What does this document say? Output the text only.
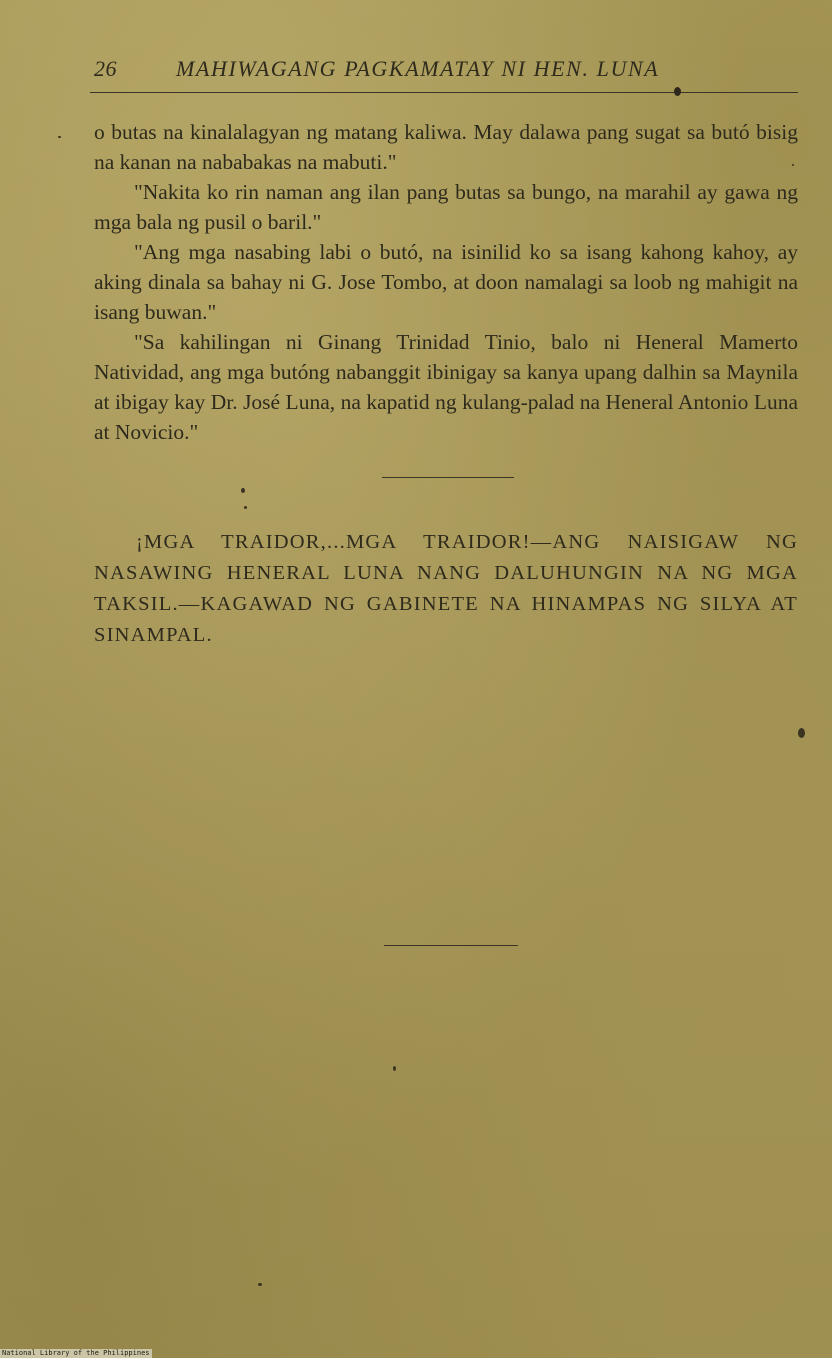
26	MAHIWAGANG PAGKAMATAY NI HEN. LUNA

o butas na kinalalagyan ng matang kaliwa. May dalawa pang sugat sa butó bisig na kanan na nababakas na mabuti."

"Nakita ko rin naman ang ilan pang butas sa bungo, na marahil ay gawa ng mga bala ng pusil o baril."

"Ang mga nasabing labi o butó, na isinilid ko sa isang kahong kahoy, ay aking dinala sa bahay ni G. Jose Tombo, at doon namalagi sa loob ng mahigit na isang buwan."

"Sa kahilingan ni Ginang Trinidad Tinio, balo ni Heneral Mamerto Natividad, ang mga butóng nabanggit ibinigay sa kanya upang dalhin sa Maynila at ibigay kay Dr. José Luna, na kapatid ng kulang-palad na Heneral Antonio Luna at Novicio."

¡MGA TRAIDOR,...MGA TRAIDOR!—ANG NAISIGAW NG NASAWING HENERAL LUNA NANG DALUHUNGIN NA NG MGA TAKSIL.—KAGAWAD NG GABINETE NA HINAMPAS NG SILYA AT SINAMPAL.

National Library of the Philippines
